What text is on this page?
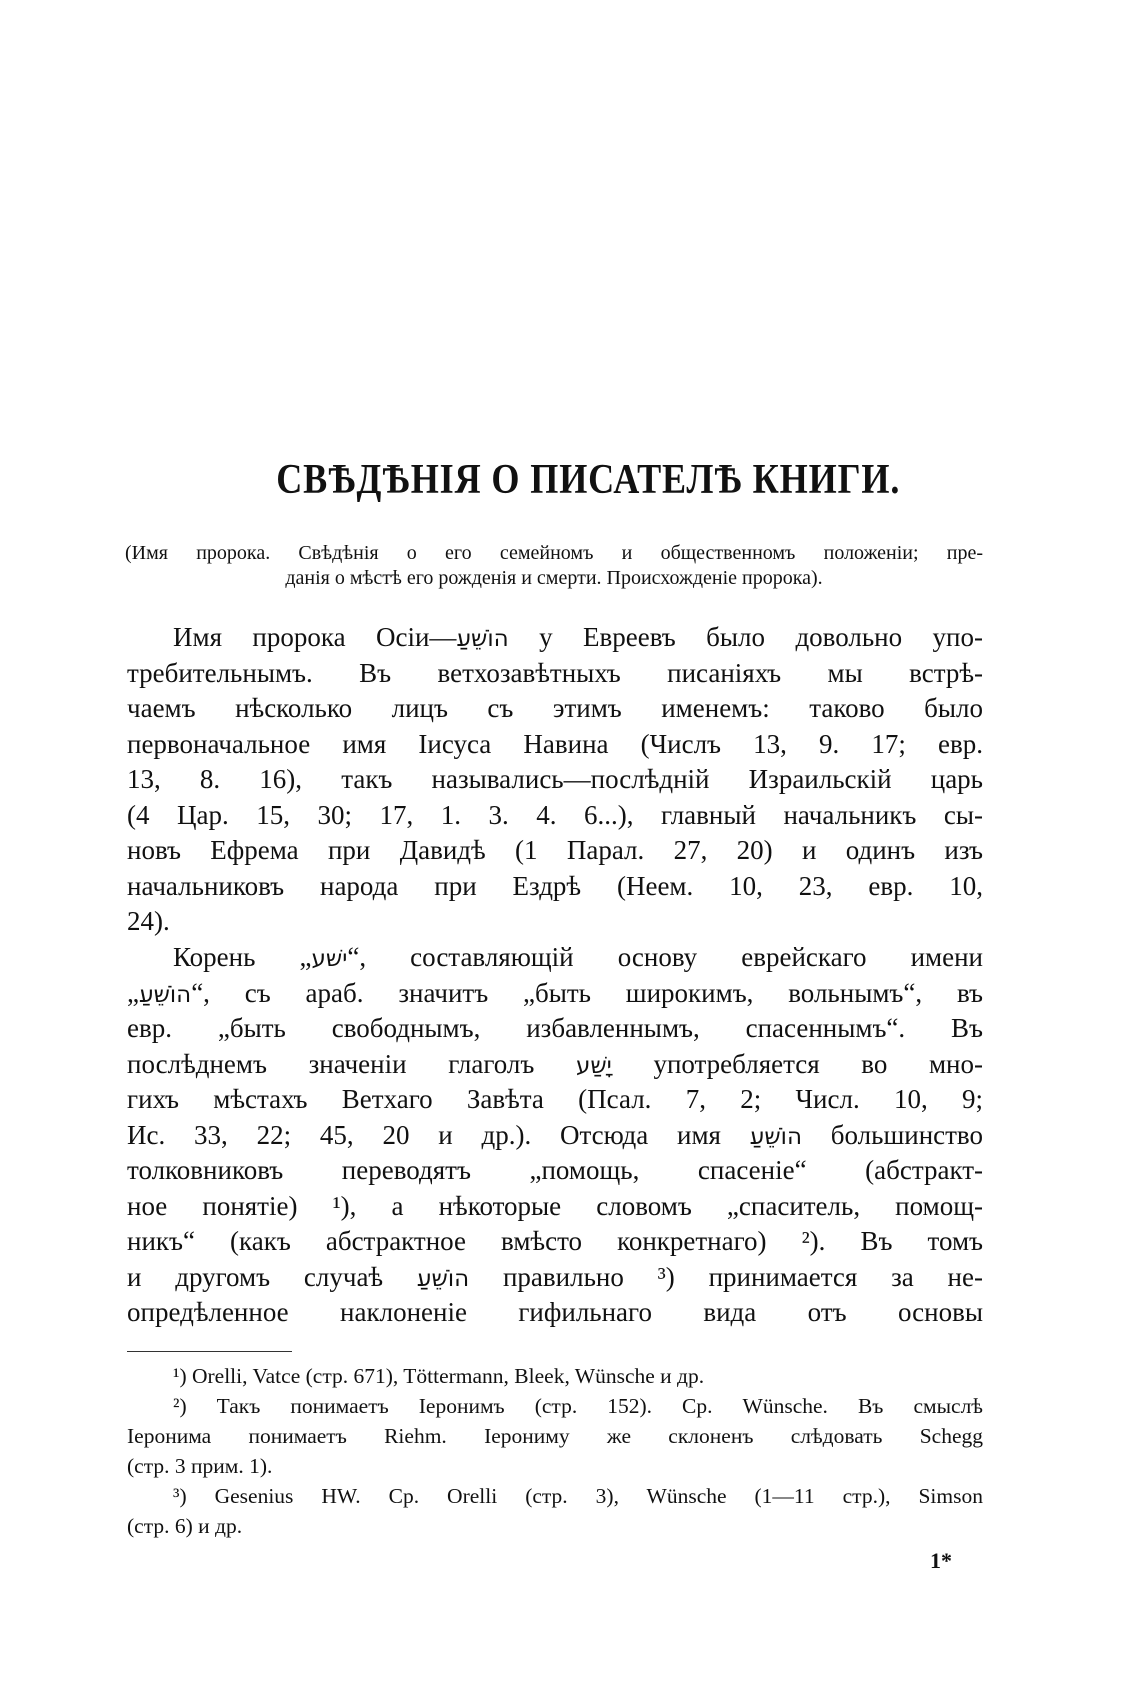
СВѢДѢНІЯ О ПИСАТЕЛѢ КНИГИ.
(Имя пророка. Свѣдѣнія о его семейномъ и общественномъ положеніи; пре-
данія о мѣстѣ его рожденія и смерти. Происхожденіе пророка).
Имя пророка Осіи—הוֹשֵׁעַ у Евреевъ было довольно упо-
требительнымъ. Въ ветхозавѣтныхъ писаніяхъ мы встрѣ-
чаемъ нѣсколько лицъ съ этимъ именемъ: таково было
первоначальное имя Іисуса Навина (Числъ 13, 9. 17; евр.
13, 8. 16), такъ назывались—послѣдній Израильскій царь
(4 Цар. 15, 30; 17, 1. 3. 4. 6...), главный начальникъ сы-
новъ Ефрема при Давидѣ (1 Парал. 27, 20) и одинъ изъ
начальниковъ народа при Ездрѣ (Неем. 10, 23, евр. 10,
24).
Корень „ישׁע“, составляющій основу еврейскаго имени
„הוֹשֵׁעַ“, съ араб. значитъ „быть широкимъ, вольнымъ“, въ
евр. „быть свободнымъ, избавленнымъ, спасеннымъ“. Въ
послѣднемъ значеніи глаголъ יָשַׁע употребляется во мно-
гихъ мѣстахъ Ветхаго Завѣта (Псал. 7, 2; Числ. 10, 9;
Ис. 33, 22; 45, 20 и др.). Отсюда имя הוֹשֵׁעַ большинство
толковниковъ переводятъ „помощь, спасеніе“ (абстракт-
ное понятіе) ¹), а нѣкоторые словомъ „спаситель, помощ-
никъ“ (какъ абстрактное вмѣсто конкретнаго) ²). Въ томъ
и другомъ случаѣ הוֹשֵׁעַ правильно ³) принимается за не-
опредѣленное наклоненіе гифильнаго вида отъ основы
¹) Orelli, Vatce (стр. 671), Töttermann, Bleek, Wünsche и др.
²) Такъ понимаетъ Іеронимъ (стр. 152). Ср. Wünsche. Въ смыслѣ
Іеронима понимаетъ Riehm. Іерониму же склоненъ слѣдовать Schegg
(стр. 3 прим. 1).
³) Gesenius HW. Ср. Orelli (стр. 3), Wünsche (1—11 стр.), Simson
(стр. 6) и др.
1*
